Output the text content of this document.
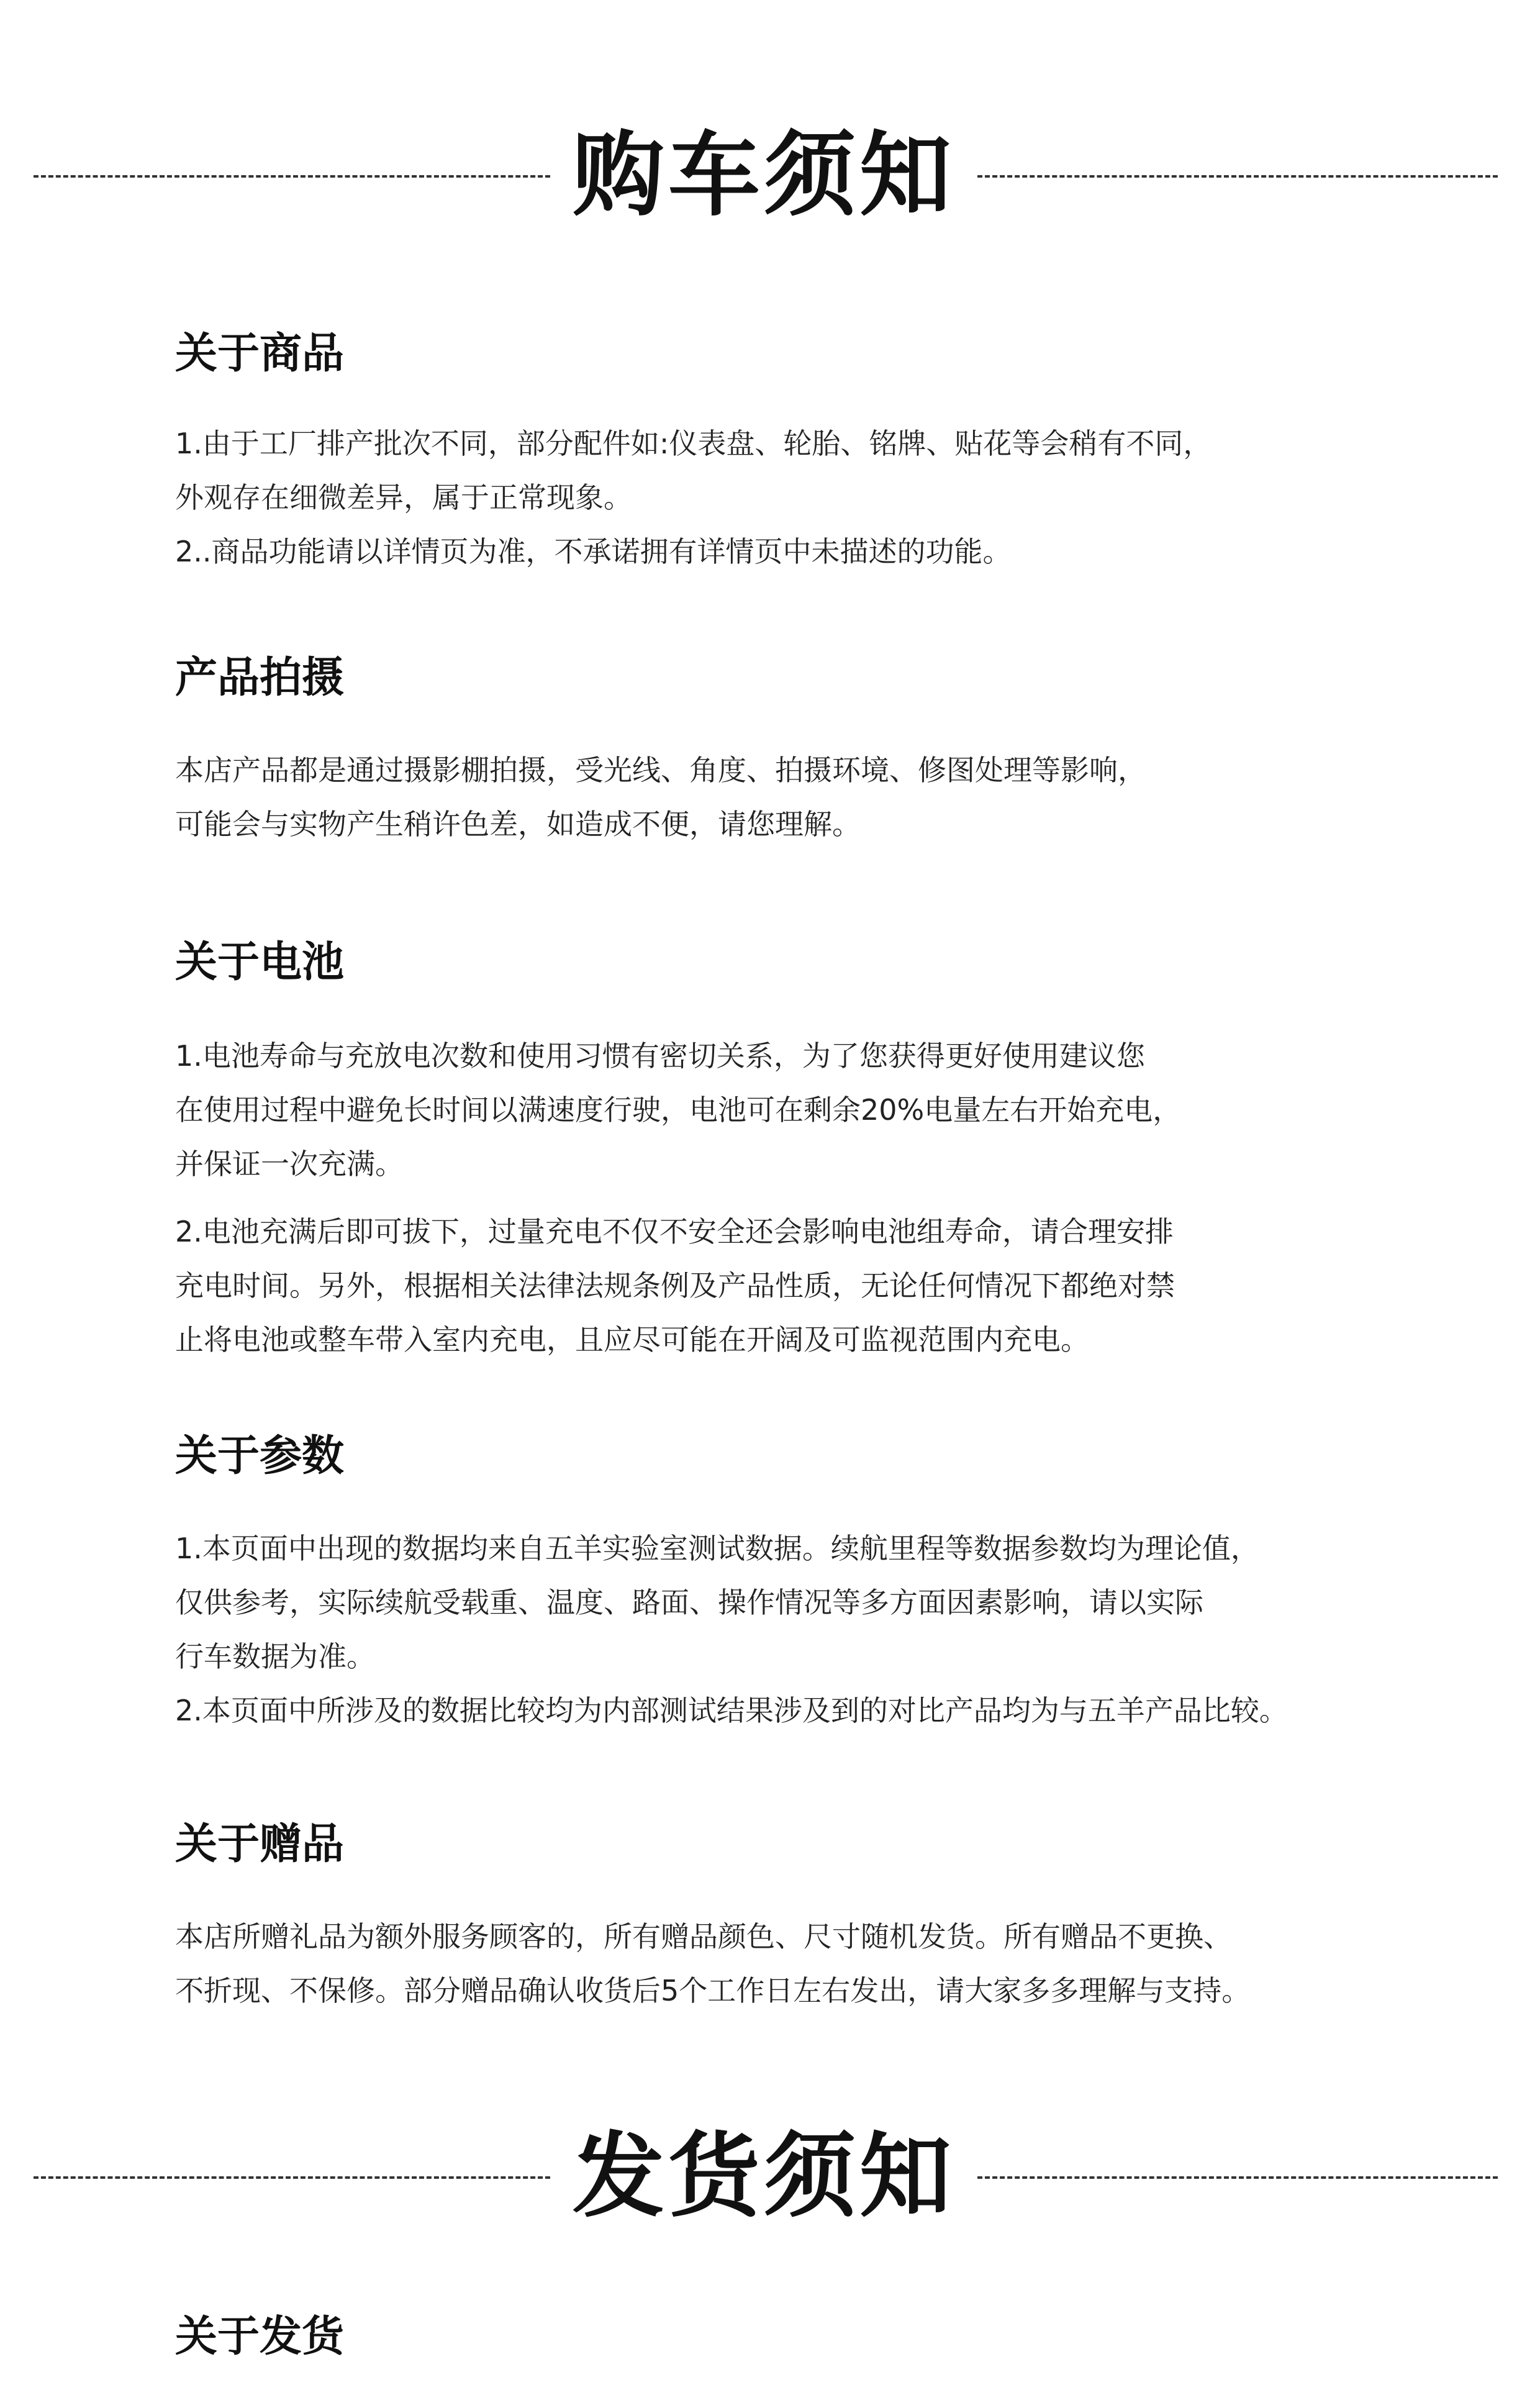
购车须知
关于商品

1.由于工厂排产批次不同，部分配件如:仪表盘、轮胎、铭牌、贴花等会稍有不同，
外观存在细微差异，属于正常现象。

2..商品功能请以详情页为准，不承诺拥有详情页中未描述的功能。

产品拍摄

本店产品都是通过摄影棚拍摄，受光线、角度、拍摄环境、修图处理等影响，
可能会与实物产生稍许色差，如造成不便，请您理解。

关于电池

1.电池寿命与充放电次数和使用习惯有密切关系，为了您获得更好使用建议您
在使用过程中避免长时间以满速度行驶，电池可在剩余20%电量左右开始充电，
并保证一次充满。

2.电池充满后即可拔下，过量充电不仅不安全还会影响电池组寿命，请合理安排
充电时间。另外，根据相关法律法规条例及产品性质，无论任何情况下都绝对禁
止将电池或整车带入室内充电，且应尽可能在开阔及可监视范围内充电。

关于参数

1.本页面中出现的数据均来自五羊实验室测试数据。续航里程等数据参数均为理论值，
仅供参考，实际续航受载重、温度、路面、操作情况等多方面因素影响，请以实际
行车数据为准。

2.本页面中所涉及的数据比较均为内部测试结果涉及到的对比产品均为与五羊产品比较。

关于赠品

本店所赠礼品为额外服务顾客的，所有赠品颜色、尺寸随机发货。所有赠品不更换、
不折现、不保修。部分赠品确认收货后5个工作日左右发出，请大家多多理解与支持。

发货须知
关于发货
